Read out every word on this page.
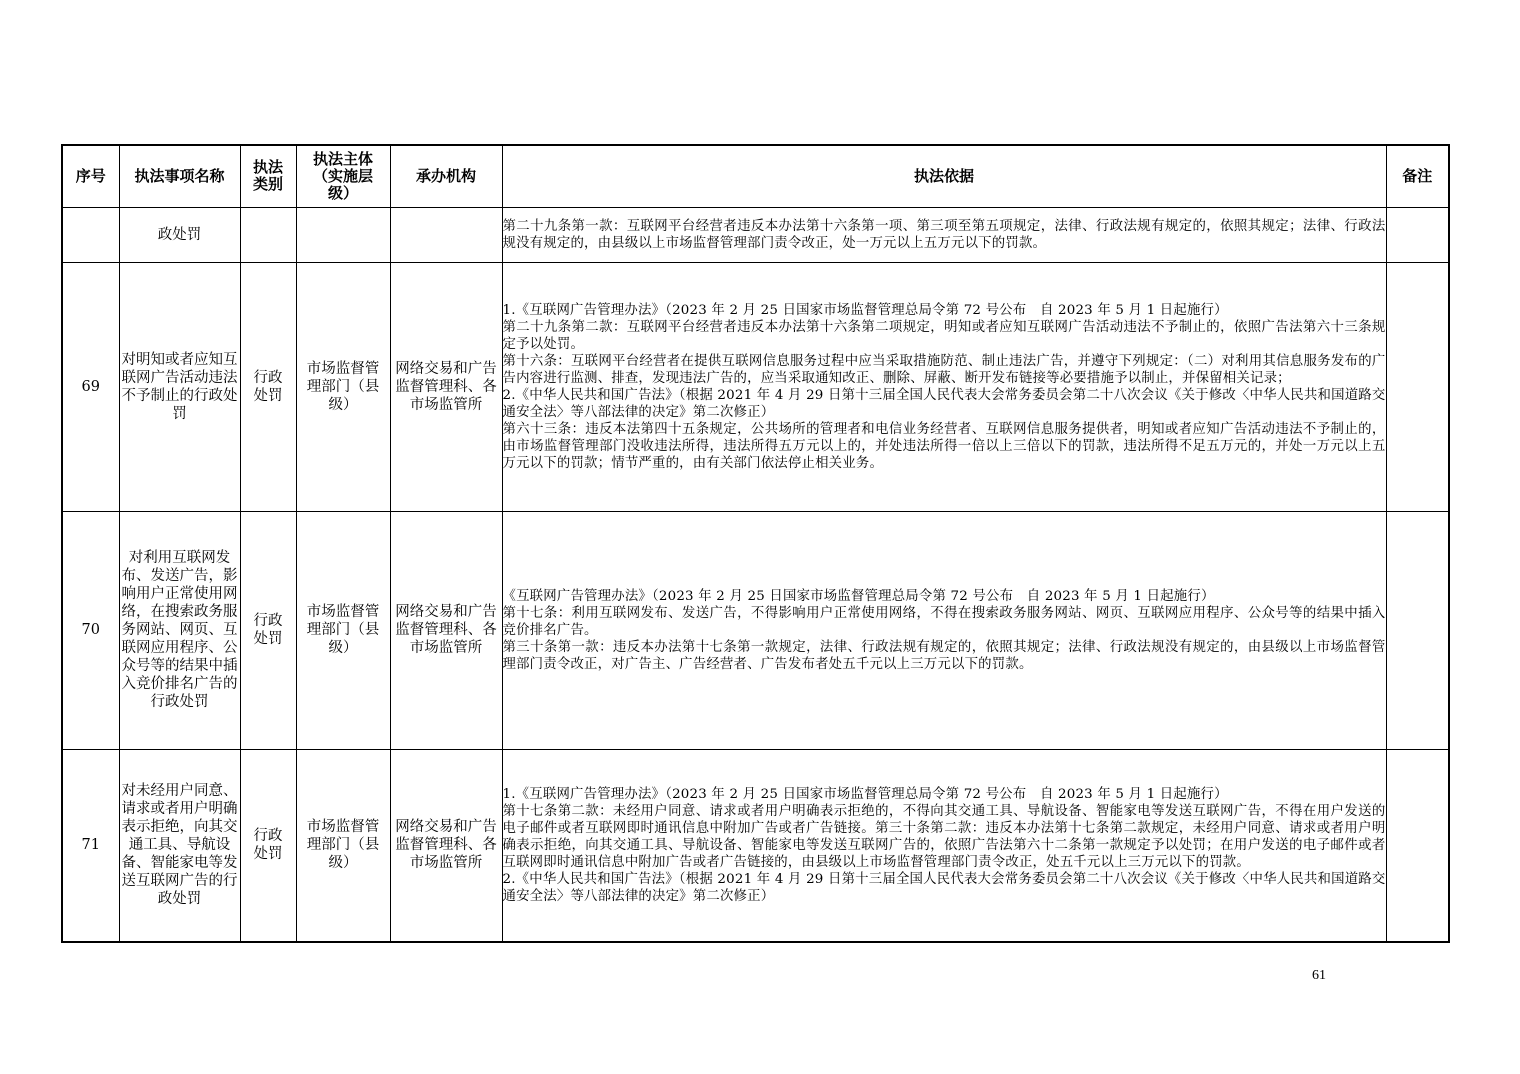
序号	执法事项名称	执法类别	执法主体（实施层级）	承办机构	执法依据	备注
	政处罚				第二十九条第一款：互联网平台经营者违反本办法第十六条第一项、第三项至第五项规定，法律、行政法规有规定的，依照其规定；法律、行政法规没有规定的，由县级以上市场监督管理部门责令改正，处一万元以上五万元以下的罚款。	

69	对明知或者应知互联网广告活动违法不予制止的行政处罚	行政处罚	市场监督管理部门（县级）	网络交易和广告监督管理科、各市场监管所	1.《互联网广告管理办法》（2023 年 2 月 25 日国家市场监督管理总局令第 72 号公布　自 2023 年 5 月 1 日起施行）
第二十九条第二款：互联网平台经营者违反本办法第十六条第二项规定，明知或者应知互联网广告活动违法不予制止的，依照广告法第六十三条规定予以处罚。
第十六条：互联网平台经营者在提供互联网信息服务过程中应当采取措施防范、制止违法广告，并遵守下列规定：（二）对利用其信息服务发布的广告内容进行监测、排查，发现违法广告的，应当采取通知改正、删除、屏蔽、断开发布链接等必要措施予以制止，并保留相关记录；
2.《中华人民共和国广告法》（根据 2021 年 4 月 29 日第十三届全国人民代表大会常务委员会第二十八次会议《关于修改〈中华人民共和国道路交通安全法〉等八部法律的决定》第二次修正）
第六十三条：违反本法第四十五条规定，公共场所的管理者和电信业务经营者、互联网信息服务提供者，明知或者应知广告活动违法不予制止的，由市场监督管理部门没收违法所得，违法所得五万元以上的，并处违法所得一倍以上三倍以下的罚款，违法所得不足五万元的，并处一万元以上五万元以下的罚款；情节严重的，由有关部门依法停止相关业务。	

70	对利用互联网发布、发送广告，影响用户正常使用网络，在搜索政务服务网站、网页、互联网应用程序、公众号等的结果中插入竞价排名广告的行政处罚	行政处罚	市场监督管理部门（县级）	网络交易和广告监督管理科、各市场监管所	《互联网广告管理办法》（2023 年 2 月 25 日国家市场监督管理总局令第 72 号公布　自 2023 年 5 月 1 日起施行）
第十七条：利用互联网发布、发送广告，不得影响用户正常使用网络，不得在搜索政务服务网站、网页、互联网应用程序、公众号等的结果中插入竞价排名广告。
第三十条第一款：违反本办法第十七条第一款规定，法律、行政法规有规定的，依照其规定；法律、行政法规没有规定的，由县级以上市场监督管理部门责令改正，对广告主、广告经营者、广告发布者处五千元以上三万元以下的罚款。	

71	对未经用户同意、请求或者用户明确表示拒绝，向其交通工具、导航设备、智能家电等发送互联网广告的行政处罚	行政处罚	市场监督管理部门（县级）	网络交易和广告监督管理科、各市场监管所	1.《互联网广告管理办法》（2023 年 2 月 25 日国家市场监督管理总局令第 72 号公布　自 2023 年 5 月 1 日起施行）
第十七条第二款：未经用户同意、请求或者用户明确表示拒绝的，不得向其交通工具、导航设备、智能家电等发送互联网广告，不得在用户发送的电子邮件或者互联网即时通讯信息中附加广告或者广告链接。第三十条第二款：违反本办法第十七条第二款规定，未经用户同意、请求或者用户明确表示拒绝，向其交通工具、导航设备、智能家电等发送互联网广告的，依照广告法第六十二条第一款规定予以处罚；在用户发送的电子邮件或者互联网即时通讯信息中附加广告或者广告链接的，由县级以上市场监督管理部门责令改正，处五千元以上三万元以下的罚款。
2.《中华人民共和国广告法》（根据 2021 年 4 月 29 日第十三届全国人民代表大会常务委员会第二十八次会议《关于修改〈中华人民共和国道路交通安全法〉等八部法律的决定》第二次修正）	

61
